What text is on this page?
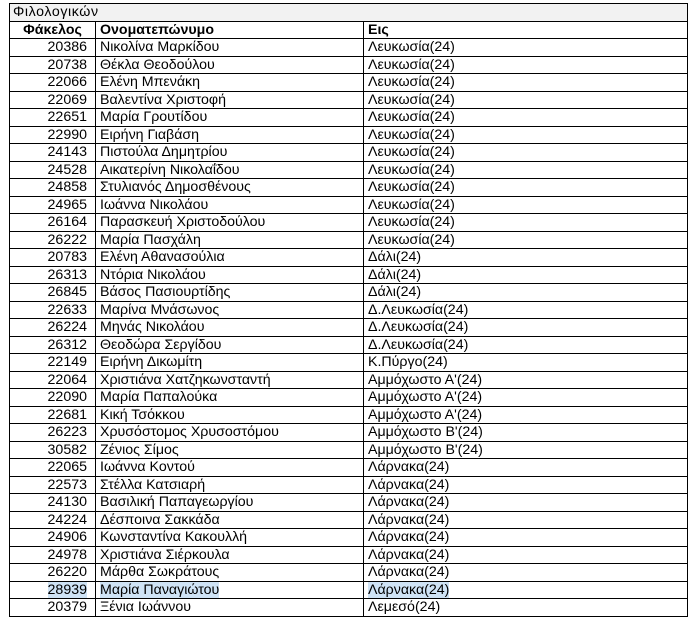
Φιλολογικών		
Φάκελος	Ονοματεπώνυμο	Εις
20386	Νικολίνα Μαρκίδου	Λευκωσία(24)
20738	Θέκλα Θεοδούλου	Λευκωσία(24)
22066	Ελένη Μπενάκη	Λευκωσία(24)
22069	Βαλεντίνα Χριστοφή	Λευκωσία(24)
22651	Μαρία Γρουτίδου	Λευκωσία(24)
22990	Ειρήνη Γιαβάση	Λευκωσία(24)
24143	Πιστούλα Δημητρίου	Λευκωσία(24)
24528	Αικατερίνη Νικολαΐδου	Λευκωσία(24)
24858	Στυλιανός Δημοσθένους	Λευκωσία(24)
24965	Ιωάννα Νικολάου	Λευκωσία(24)
26164	Παρασκευή Χριστοδούλου	Λευκωσία(24)
26222	Μαρία Πασχάλη	Λευκωσία(24)
20783	Ελένη Αθανασούλια	Δάλι(24)
26313	Ντόρια Νικολάου	Δάλι(24)
26845	Βάσος Πασιουρτίδης	Δάλι(24)
22633	Μαρίνα Μνάσωνος	Δ.Λευκωσία(24)
26224	Μηνάς Νικολάου	Δ.Λευκωσία(24)
26312	Θεοδώρα Σεργίδου	Δ.Λευκωσία(24)
22149	Ειρήνη Δικωμίτη	Κ.Πύργο(24)
22064	Χριστιάνα Χατζηκωνσταντή	Αμμόχωστο Α'(24)
22090	Μαρία Παπαλούκα	Αμμόχωστο Α'(24)
22681	Κική Τσόκκου	Αμμόχωστο Α'(24)
26223	Χρυσόστομος Χρυσοστόμου	Αμμόχωστο Β'(24)
30582	Ζένιος Σίμος	Αμμόχωστο Β'(24)
22065	Ιωάννα Κοντού	Λάρνακα(24)
22573	Στέλλα Κατσιαρή	Λάρνακα(24)
24130	Βασιλική Παπαγεωργίου	Λάρνακα(24)
24224	Δέσποινα Σακκάδα	Λάρνακα(24)
24906	Κωνσταντίνα Κακουλλή	Λάρνακα(24)
24978	Χριστιάνα Σιέρκουλα	Λάρνακα(24)
26220	Μάρθα Σωκράτους	Λάρνακα(24)
28939	Μαρία Παναγιώτου	Λάρνακα(24)
20379	Ξένια Ιωάννου	Λεμεσό(24)
